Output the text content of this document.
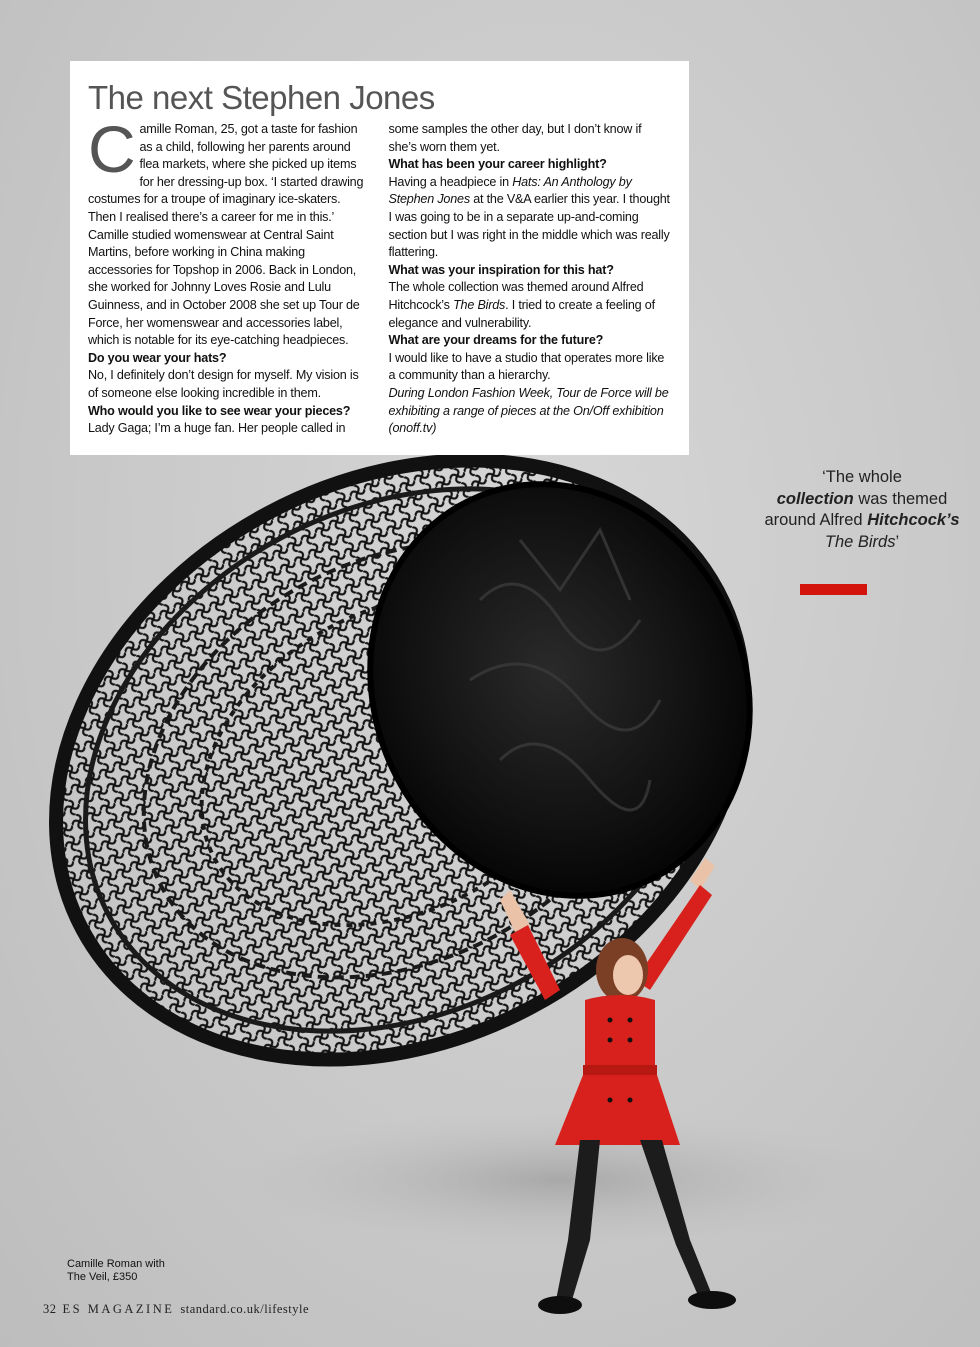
The next Stephen Jones

Camille Roman, 25, got a taste for fashion as a child, following her parents around flea markets, where she picked up items for her dressing-up box. ‘I started drawing costumes for a troupe of imaginary ice-skaters. Then I realised there’s a career for me in this.’ Camille studied womenswear at Central Saint Martins, before working in China making accessories for Topshop in 2006. Back in London, she worked for Johnny Loves Rosie and Lulu Guinness, and in October 2008 she set up Tour de Force, her womenswear and accessories label, which is notable for its eye-catching headpieces.

Do you wear your hats?

No, I definitely don’t design for myself. My vision is of someone else looking incredible in them.

Who would you like to see wear your pieces?

Lady Gaga; I’m a huge fan. Her people called in

some samples the other day, but I don’t know if she’s worn them yet.

What has been your career highlight?

Having a headpiece in Hats: An Anthology by Stephen Jones at the V&A earlier this year. I thought I was going to be in a separate up-and-coming section but I was right in the middle which was really flattering.

What was your inspiration for this hat?

The whole collection was themed around Alfred Hitchcock’s The Birds. I tried to create a feeling of elegance and vulnerability.

What are your dreams for the future?

I would like to have a studio that operates more like a community than a hierarchy.

During London Fashion Week, Tour de Force will be exhibiting a range of pieces at the On/Off exhibition (onoff.tv)

‘The whole
collection was themed around Alfred Hitchcock’s
The Birds’
Camille Roman with
The Veil, £350
32 ES MAGAZINE standard.co.uk/lifestyle
